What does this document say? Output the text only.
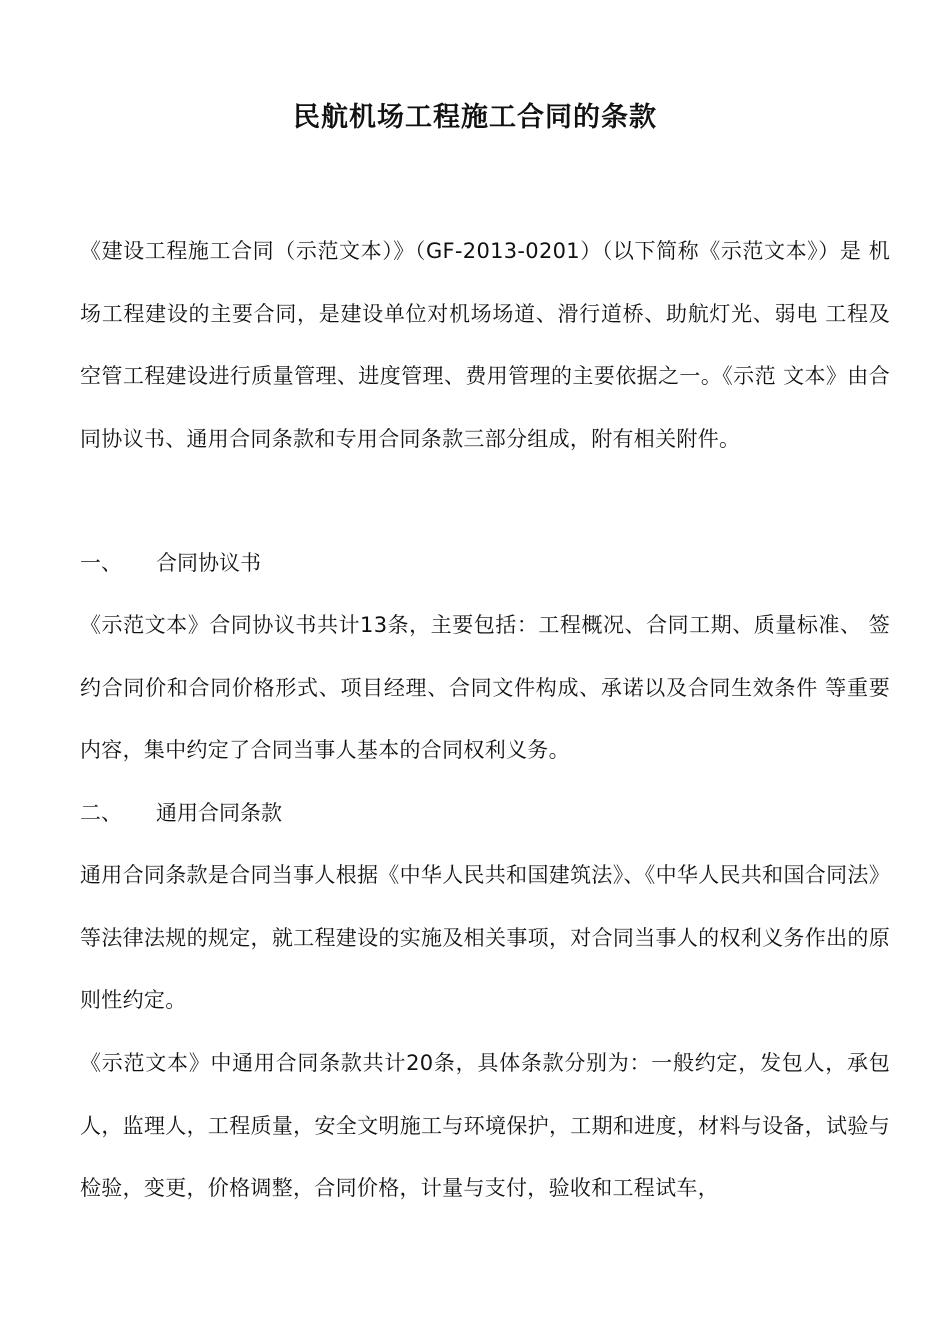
民航机场工程施工合同的条款
《建设工程施工合同（示范文本）》（GF-2013-0201）（以下简称《示范文本》）是 机场工程建设的主要合同，是建设单位对机场场道、滑行道桥、助航灯光、弱电 工程及空管工程建设进行质量管理、进度管理、费用管理的主要依据之一。《示范 文本》由合同协议书、通用合同条款和专用合同条款三部分组成，附有相关附件。
一、 合同协议书
《示范文本》合同协议书共计13条，主要包括：工程概况、合同工期、质量标准、 签约合同价和合同价格形式、项目经理、合同文件构成、承诺以及合同生效条件 等重要内容，集中约定了合同当事人基本的合同权利义务。
二、 通用合同条款
通用合同条款是合同当事人根据《中华人民共和国建筑法》、《中华人民共和国合同法》等法律法规的规定，就工程建设的实施及相关事项，对合同当事人的权利义务作出的原则性约定。
《示范文本》中通用合同条款共计20条，具体条款分别为：一般约定，发包人，承包人，监理人，工程质量，安全文明施工与环境保护，工期和进度，材料与设备，试验与检验，变更，价格调整，合同价格，计量与支付，验收和工程试车，
